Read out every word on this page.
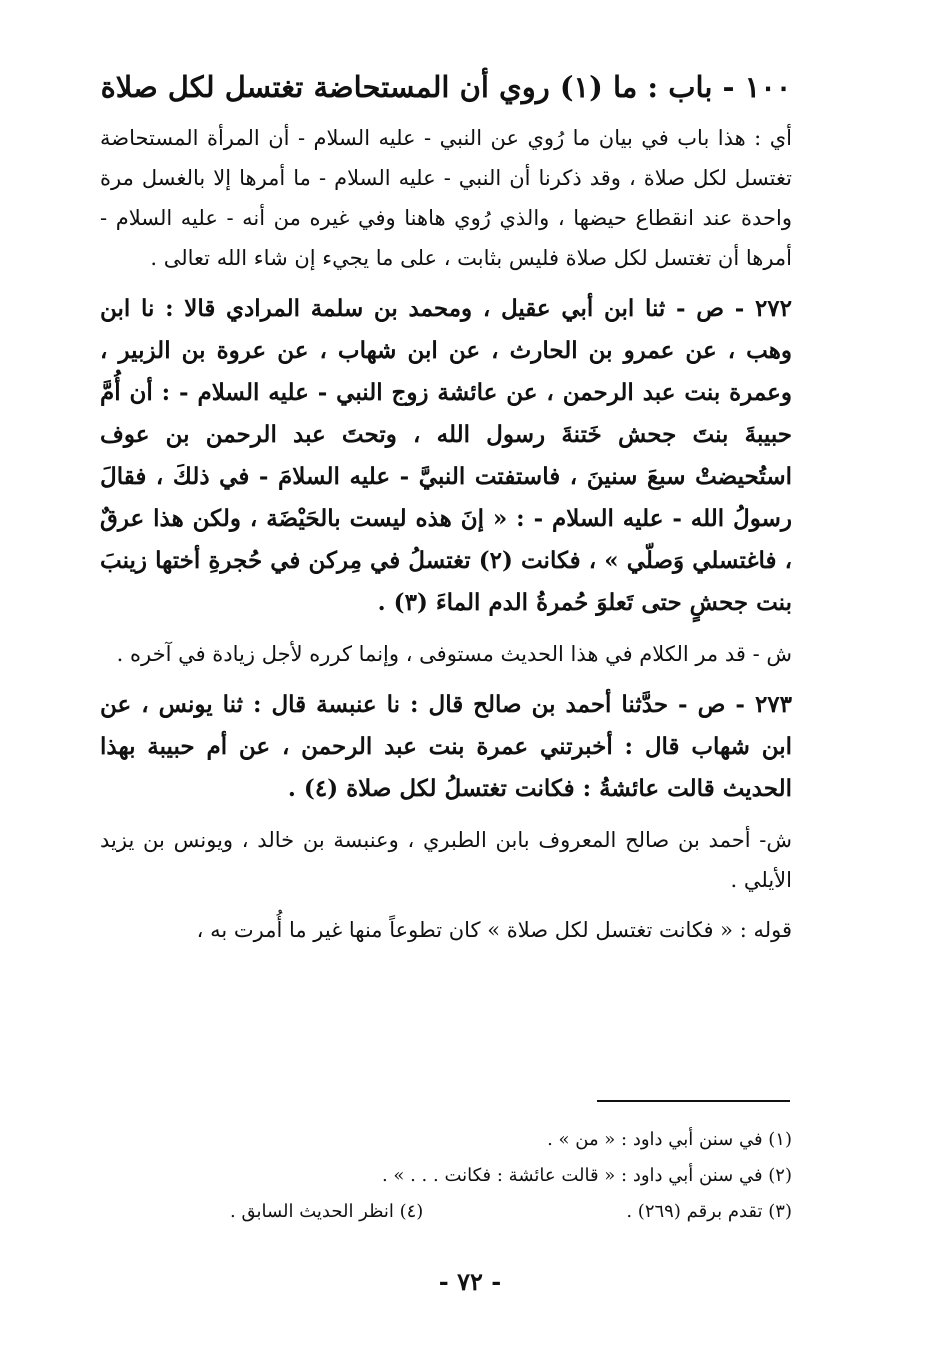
١٠٠ - باب : ما (١) روي أن المستحاضة تغتسل لكل صلاة

أي : هذا باب في بيان ما رُوي عن النبي - عليه السلام - أن المرأة المستحاضة تغتسل لكل صلاة ، وقد ذكرنا أن النبي - عليه السلام - ما أمرها إلا بالغسل مرة واحدة عند انقطاع حيضها ، والذي رُوي هاهنا وفي غيره من أنه - عليه السلام - أمرها أن تغتسل لكل صلاة فليس بثابت ، على ما يجيء إن شاء الله تعالى .

٢٧٢ - ص - ثنا ابن أبي عقيل ، ومحمد بن سلمة المرادي قالا : نا ابن وهب ، عن عمرو بن الحارث ، عن ابن شهاب ، عن عروة بن الزبير ، وعمرة بنت عبد الرحمن ، عن عائشة زوج النبي - عليه السلام - : أن أُمَّ حبيبةَ بنتَ جحش خَتنةَ رسول الله ، وتحتَ عبد الرحمن بن عوف استُحيضتْ سبعَ سنينَ ، فاستفتت النبيَّ - عليه السلامَ - في ذلكَ ، فقالَ رسولُ الله - عليه السلام - : « إنَ هذه ليست بالحَيْضَة ، ولكن هذا عرقٌ ، فاغتسلي وَصلّي » ، فكانت (٢) تغتسلُ في مِركن في حُجرةِ أختها زينبَ بنت جحشٍ حتى تَعلوَ حُمرةُ الدم الماءَ (٣) .

ش - قد مر الكلام في هذا الحديث مستوفى ، وإنما كرره لأجل زيادة في آخره .

٢٧٣ - ص - حدَّثنا أحمد بن صالح قال : نا عنبسة قال : ثنا يونس ، عن ابن شهاب قال : أخبرتني عمرة بنت عبد الرحمن ، عن أم حبيبة بهذا الحديث قالت عائشةُ : فكانت تغتسلُ لكل صلاة (٤) .

ش- أحمد بن صالح المعروف بابن الطبري ، وعنبسة بن خالد ، ويونس بن يزيد الأيلي .

قوله : « فكانت تغتسل لكل صلاة » كان تطوعاً منها غير ما أُمرت به ،

(١) في سنن أبي داود : « من » .
(٢) في سنن أبي داود : « قالت عائشة : فكانت . . . » .
(٣) تقدم برقم (٢٦٩) .
(٤) انظر الحديث السابق .
- ٧٢ -
